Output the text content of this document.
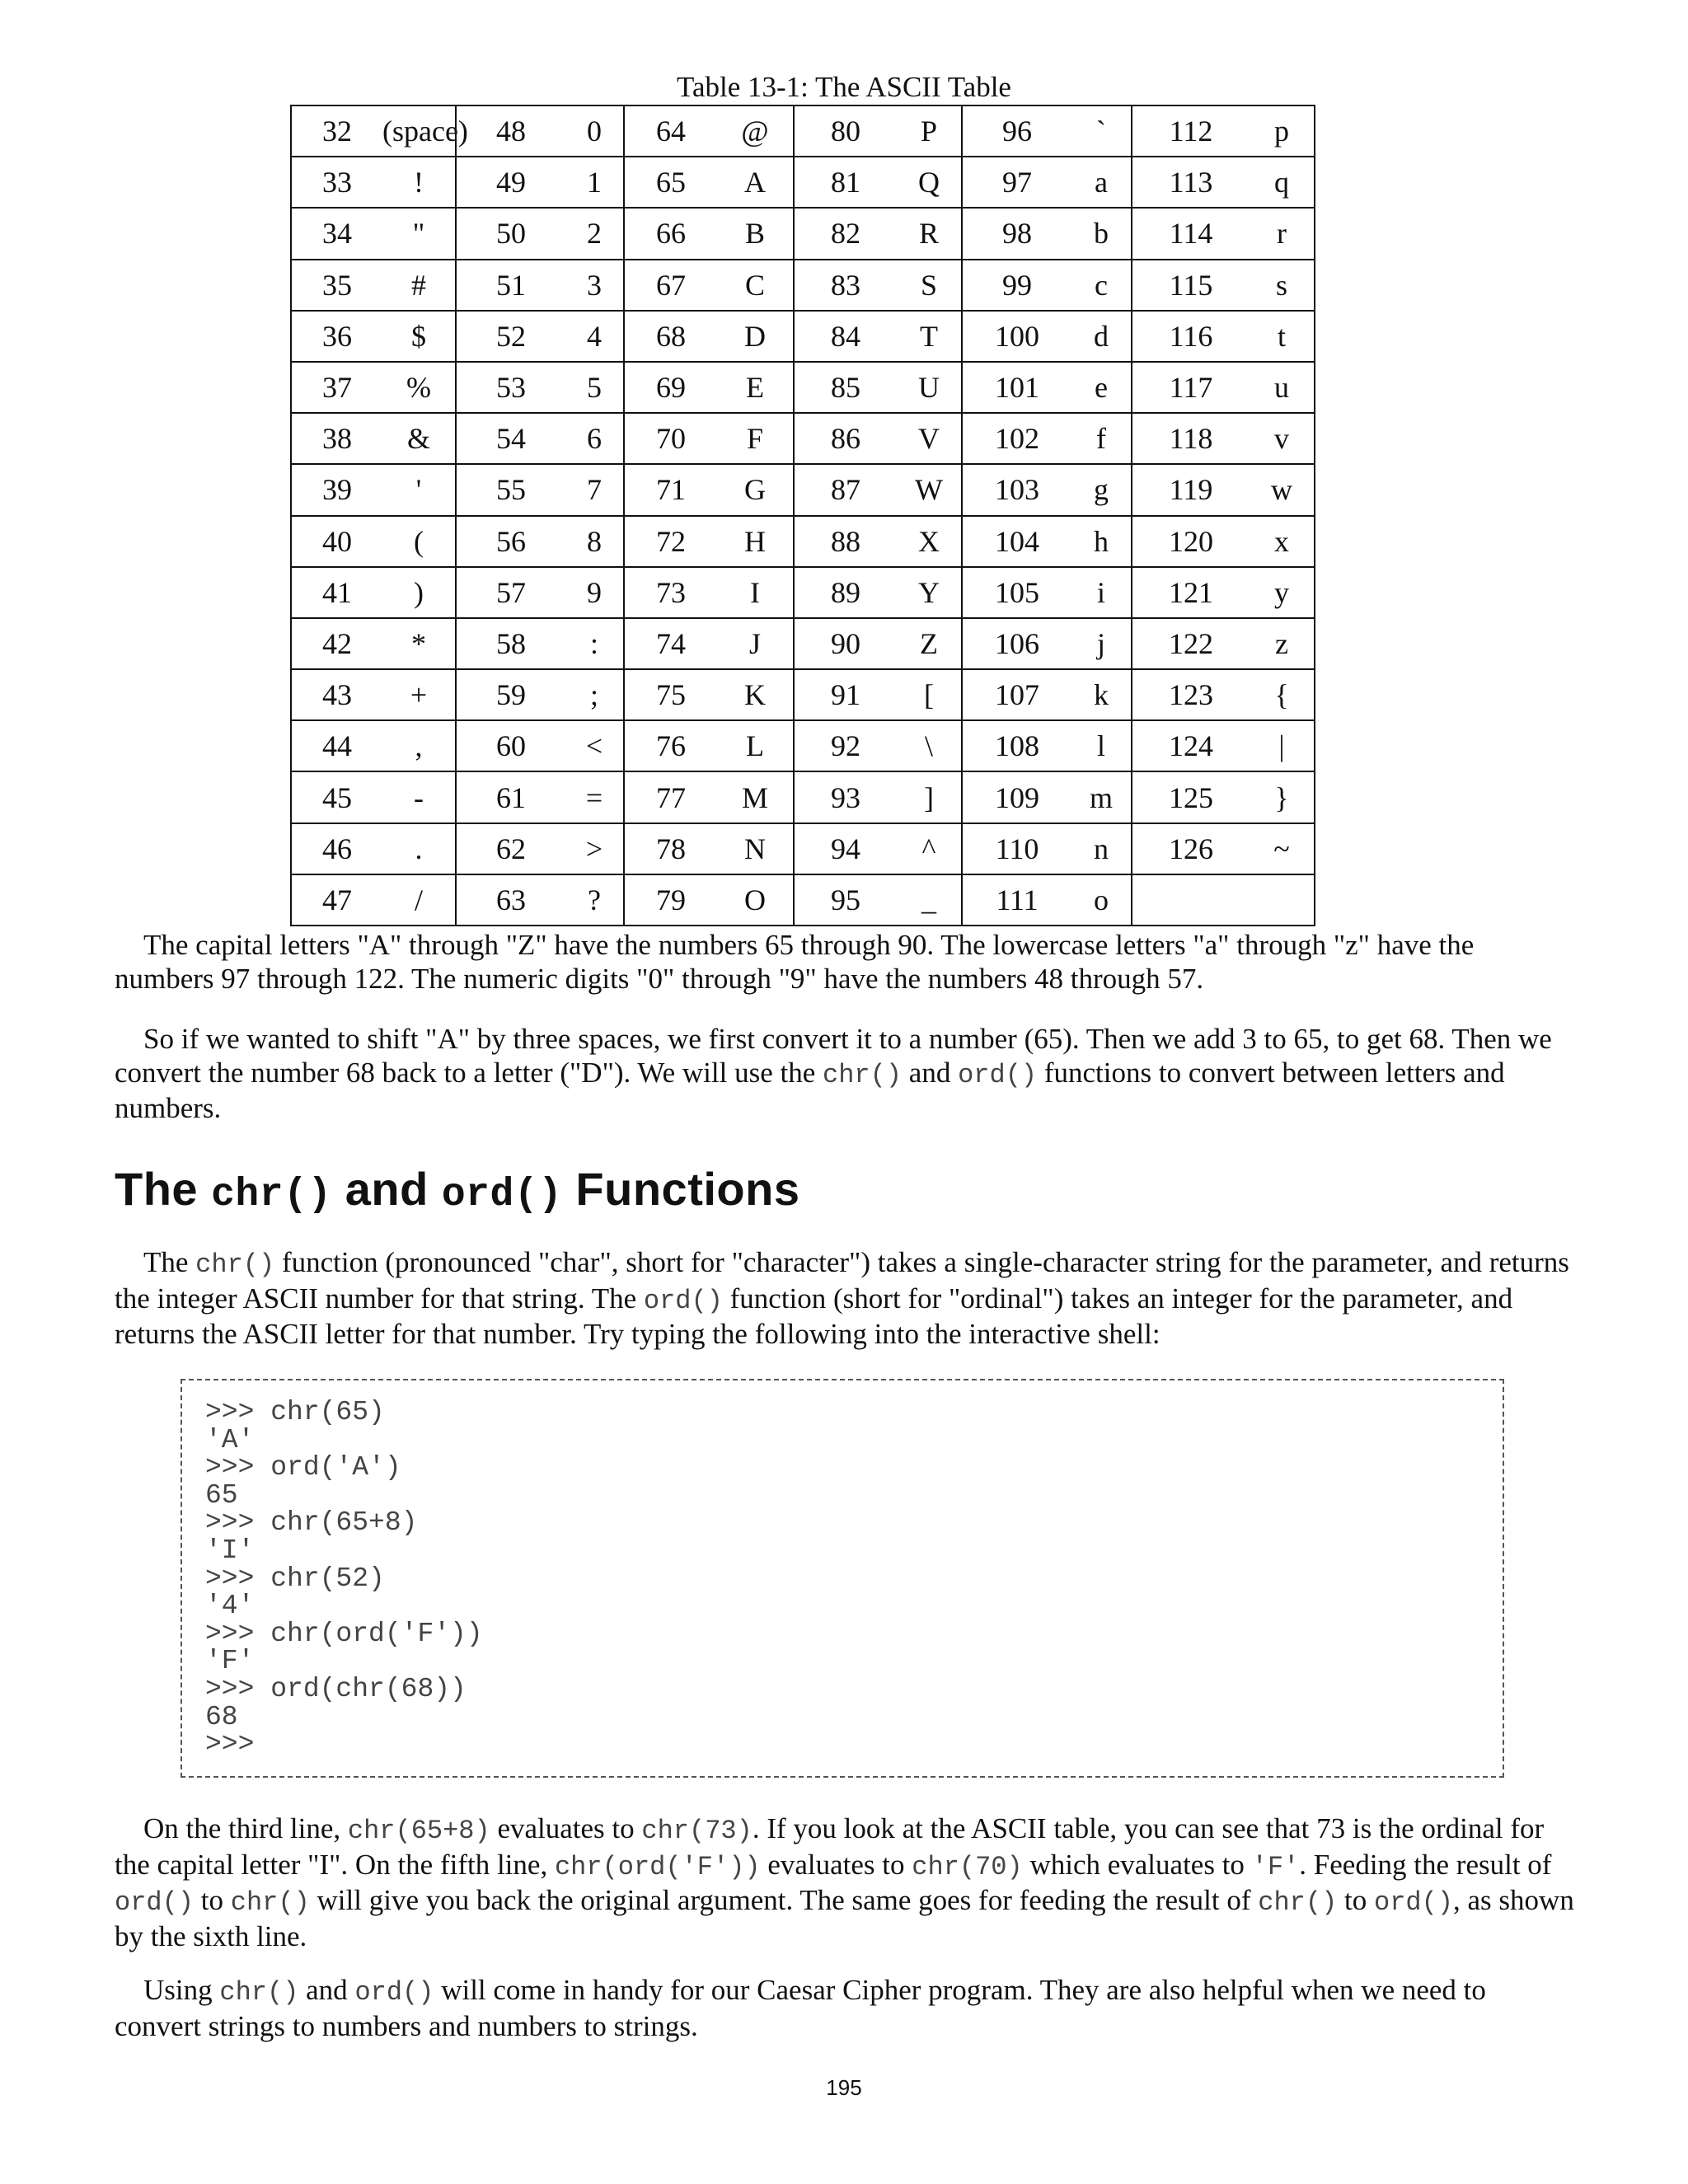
Table 13-1: The ASCII Table
32 (space)	48 0	64 @	80 P	96 `	112 p

33 !	49 1	65 A	81 Q	97 a	113 q

34 "	50 2	66 B	82 R	98 b	114 r

35 #	51 3	67 C	83 S	99 c	115 s

36 $	52 4	68 D	84 T	100 d	116 t

37 %	53 5	69 E	85 U	101 e	117 u

38 &	54 6	70 F	86 V	102 f	118 v

39 '	55 7	71 G	87 W	103 g	119 w

40 (	56 8	72 H	88 X	104 h	120 x

41 )	57 9	73 I	89 Y	105 i	121 y

42 *	58 :	74 J	90 Z	106 j	122 z

43 +	59 ;	75 K	91 [	107 k	123 {

44 ,	60 <	76 L	92 \	108 l	124 |

45 -	61 =	77 M	93 ]	109 m	125 }

46 .	62 >	78 N	94 ^	110 n	126 ~

47 /	63 ?	79 O	95 _	111 o	

The capital letters "A" through "Z" have the numbers 65 through 90. The lowercase letters "a" through "z" have the numbers 97 through 122. The numeric digits "0" through "9" have the numbers 48 through 57.

So if we wanted to shift "A" by three spaces, we first convert it to a number (65). Then we add 3 to 65, to get 68. Then we convert the number 68 back to a letter ("D"). We will use the chr() and ord() functions to convert between letters and numbers.

The chr() and ord() Functions

The chr() function (pronounced "char", short for "character") takes a single-character string for the parameter, and returns the integer ASCII number for that string. The ord() function (short for "ordinal") takes an integer for the parameter, and returns the ASCII letter for that number. Try typing the following into the interactive shell:

>>> chr(65)
'A'
>>> ord('A')
65
>>> chr(65+8)
'I'
>>> chr(52)
'4'
>>> chr(ord('F'))
'F'
>>> ord(chr(68))
68
>>>

On the third line, chr(65+8) evaluates to chr(73). If you look at the ASCII table, you can see that 73 is the ordinal for the capital letter "I". On the fifth line, chr(ord('F')) evaluates to chr(70) which evaluates to 'F'. Feeding the result of ord() to chr() will give you back the original argument. The same goes for feeding the result of chr() to ord(), as shown by the sixth line.

Using chr() and ord() will come in handy for our Caesar Cipher program. They are also helpful when we need to convert strings to numbers and numbers to strings.

195
